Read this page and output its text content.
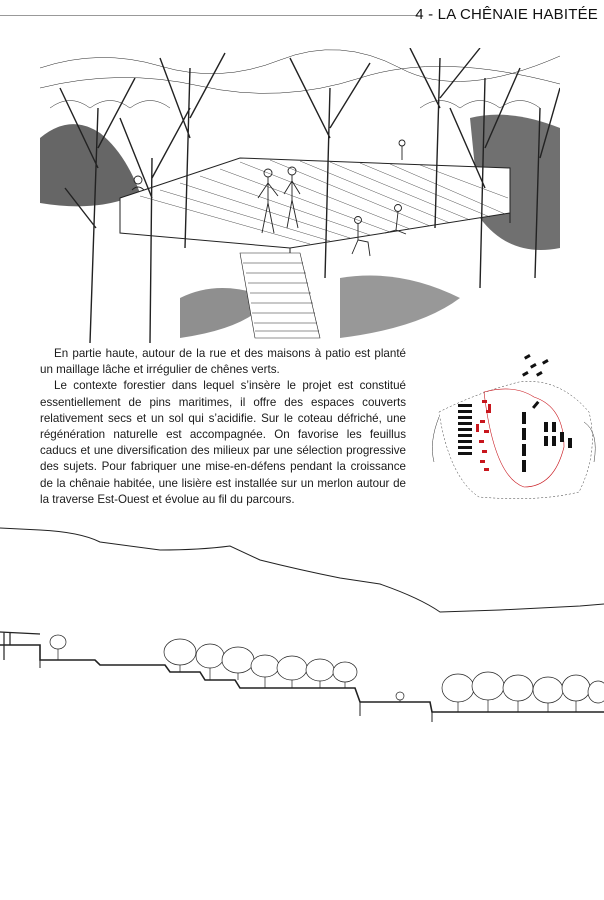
4 - LA CHÊNAIE HABITÉE

En partie haute, autour de la rue et des maisons à patio est planté un maillage lâche et irrégulier de chênes verts.

Le contexte forestier dans lequel s’insère le projet est constitué essentiellement de pins maritimes, il offre des espaces couverts relativement secs et un sol qui s’acidifie. Sur le coteau défriché, une régénération naturelle est accompagnée. On favorise les feuillus caducs et une diversification des milieux par une sélection progressive des sujets. Pour fabriquer une mise-en-défens pendant la croissance de la chênaie habitée, une lisière est installée sur un merlon autour de la traverse Est-Ouest et évolue au fil du parcours.
